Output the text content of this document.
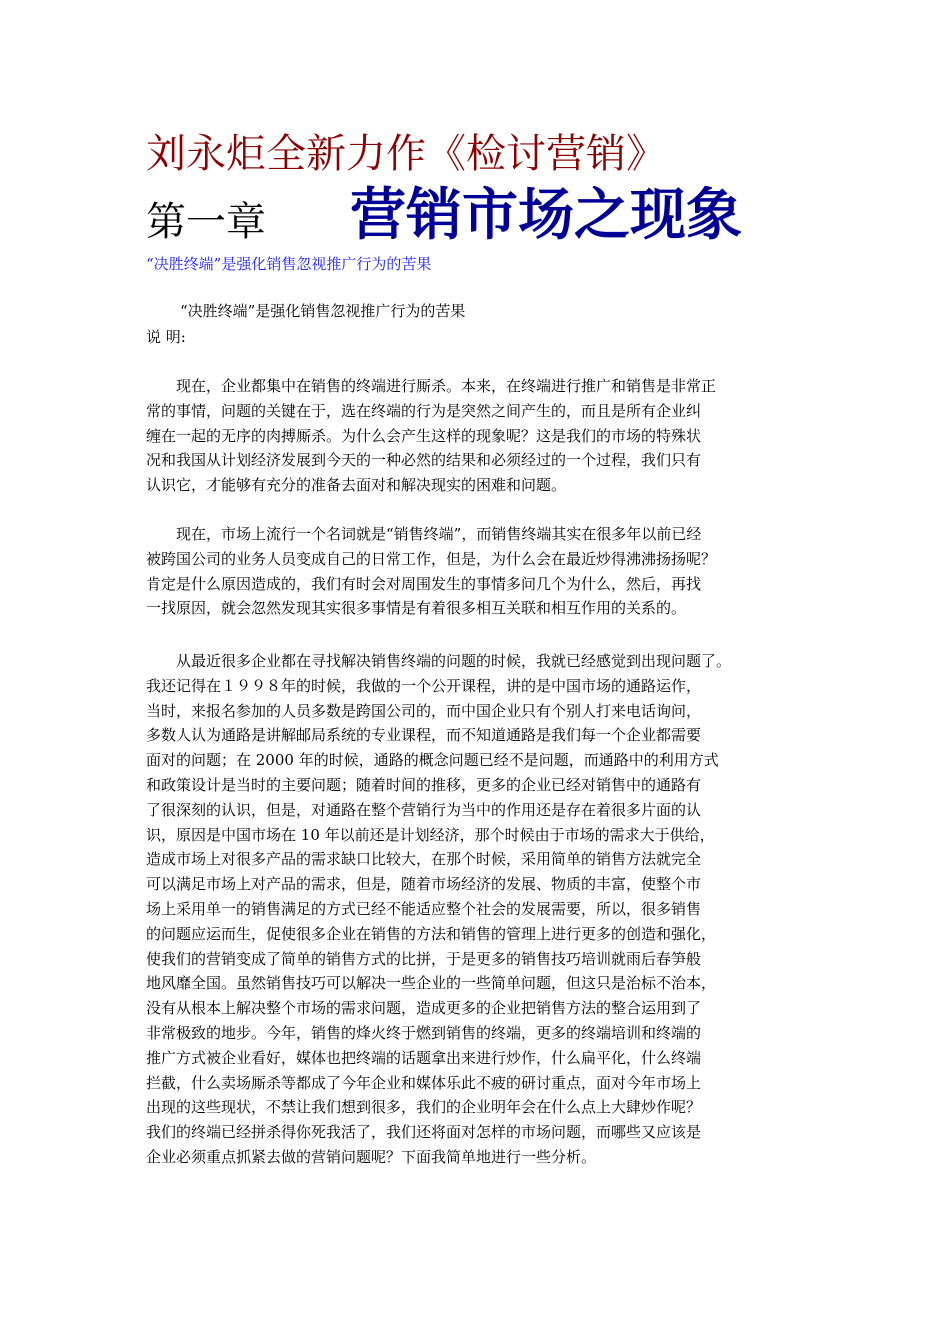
刘永炬全新力作《检讨营销》
第一章 营销市场之现象
“决胜终端”是强化销售忽视推广行为的苦果
“决胜终端”是强化销售忽视推广行为的苦果
说 明:
　　现在，企业都集中在销售的终端进行厮杀。本来，在终端进行推广和销售是非常正
常的事情，问题的关键在于，选在终端的行为是突然之间产生的，而且是所有企业纠
缠在一起的无序的肉搏厮杀。为什么会产生这样的现象呢？这是我们的市场的特殊状
况和我国从计划经济发展到今天的一种必然的结果和必须经过的一个过程，我们只有
认识它，才能够有充分的准备去面对和解决现实的困难和问题。
　　现在，市场上流行一个名词就是“销售终端”，而销售终端其实在很多年以前已经
被跨国公司的业务人员变成自己的日常工作，但是，为什么会在最近炒得沸沸扬扬呢？
肯定是什么原因造成的，我们有时会对周围发生的事情多问几个为什么，然后，再找
一找原因，就会忽然发现其实很多事情是有着很多相互关联和相互作用的关系的。
　　从最近很多企业都在寻找解决销售终端的问题的时候，我就已经感觉到出现问题了。
我还记得在１９９８年的时候，我做的一个公开课程，讲的是中国市场的通路运作，
当时，来报名参加的人员多数是跨国公司的，而中国企业只有个别人打来电话询问，
多数人认为通路是讲解邮局系统的专业课程，而不知道通路是我们每一个企业都需要
面对的问题；在 2000 年的时候，通路的概念问题已经不是问题，而通路中的利用方式
和政策设计是当时的主要问题；随着时间的推移，更多的企业已经对销售中的通路有
了很深刻的认识，但是，对通路在整个营销行为当中的作用还是存在着很多片面的认
识，原因是中国市场在 10 年以前还是计划经济，那个时候由于市场的需求大于供给，
造成市场上对很多产品的需求缺口比较大，在那个时候，采用简单的销售方法就完全
可以满足市场上对产品的需求，但是，随着市场经济的发展、物质的丰富，使整个市
场上采用单一的销售满足的方式已经不能适应整个社会的发展需要，所以，很多销售
的问题应运而生，促使很多企业在销售的方法和销售的管理上进行更多的创造和强化，
使我们的营销变成了简单的销售方式的比拼，于是更多的销售技巧培训就雨后春笋般
地风靡全国。虽然销售技巧可以解决一些企业的一些简单问题，但这只是治标不治本，
没有从根本上解决整个市场的需求问题，造成更多的企业把销售方法的整合运用到了
非常极致的地步。今年，销售的烽火终于燃到销售的终端，更多的终端培训和终端的
推广方式被企业看好，媒体也把终端的话题拿出来进行炒作，什么扁平化，什么终端
拦截，什么卖场厮杀等都成了今年企业和媒体乐此不疲的研讨重点，面对今年市场上
出现的这些现状，不禁让我们想到很多，我们的企业明年会在什么点上大肆炒作呢？
我们的终端已经拼杀得你死我活了，我们还将面对怎样的市场问题，而哪些又应该是
企业必须重点抓紧去做的营销问题呢？下面我简单地进行一些分析。
